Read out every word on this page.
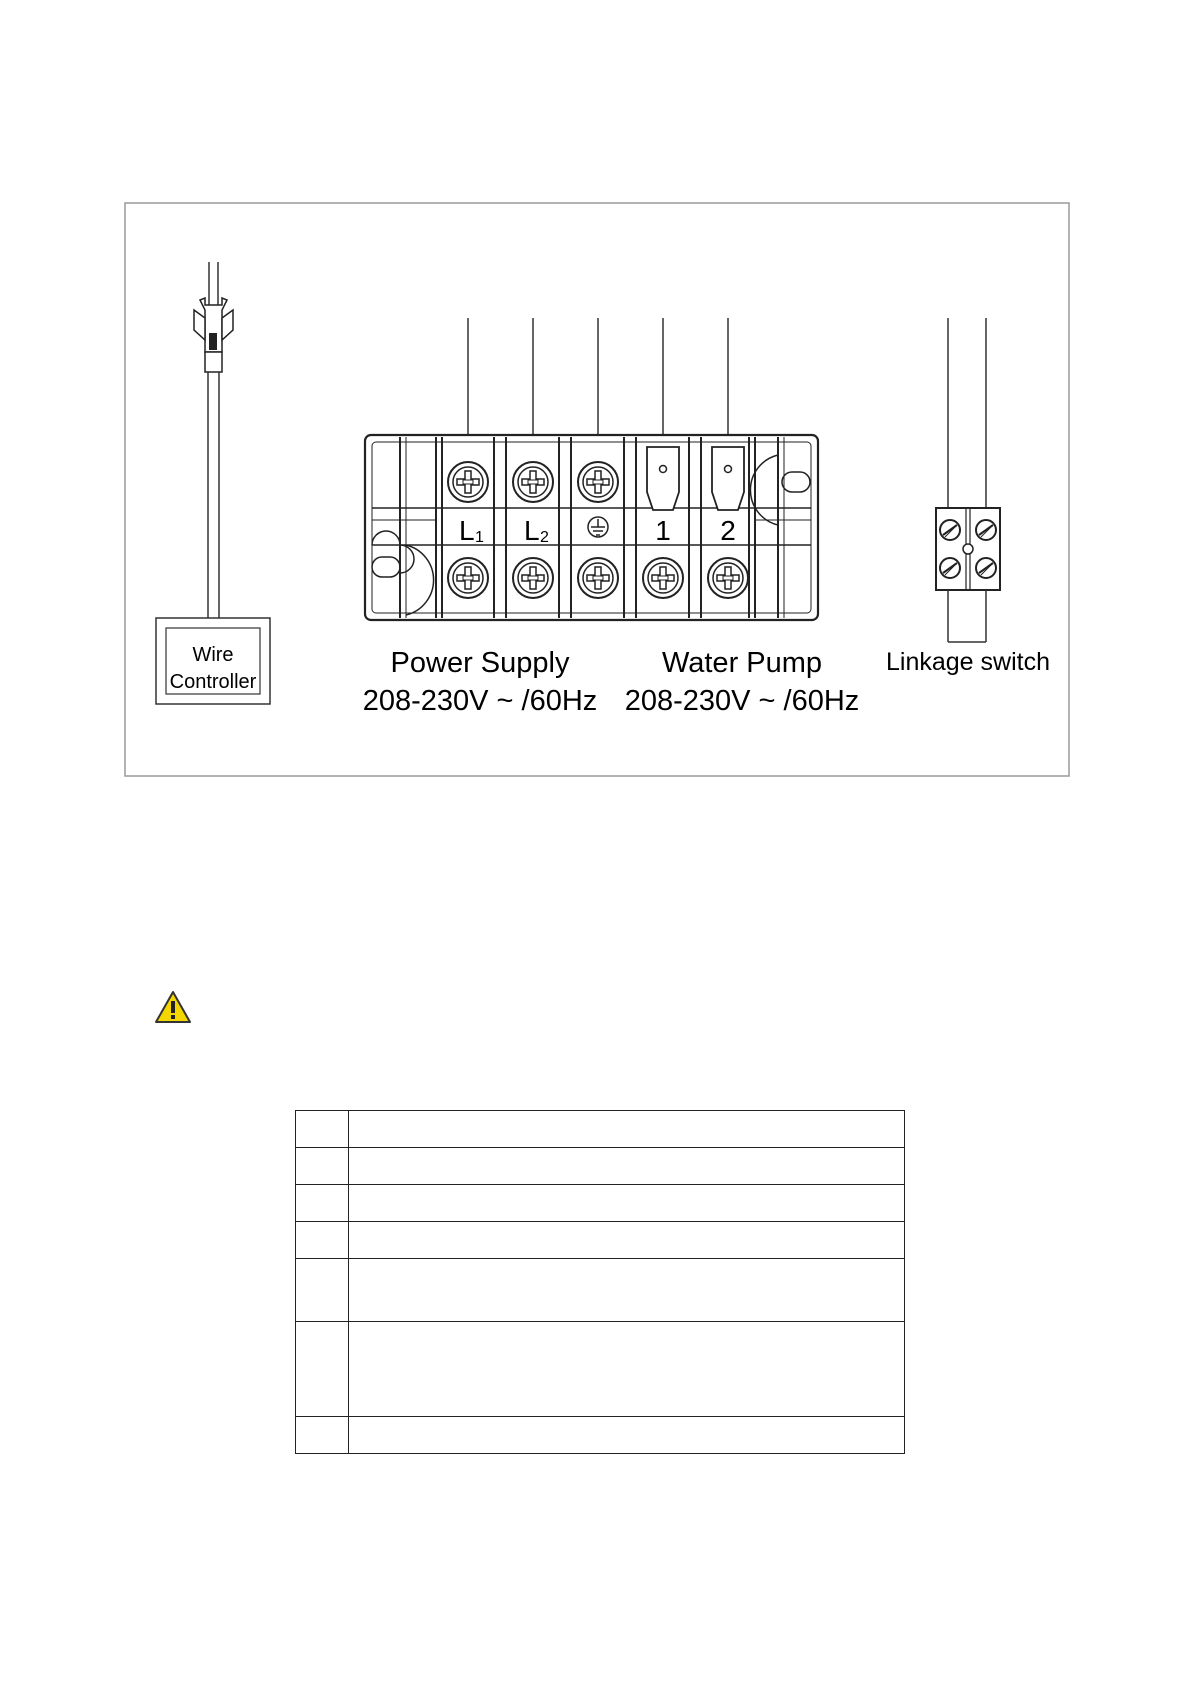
Wire
Controller
L 1 L 2	1 2
Power Supply
208-230V ~ /60Hz
Water Pump
208-230V ~ /60Hz
Linkage switch
